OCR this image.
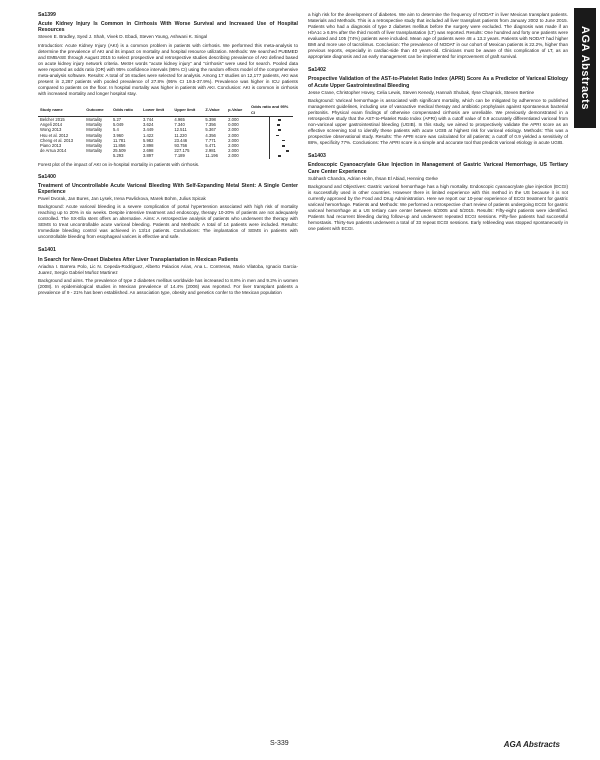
AGA Abstracts
Sa1399
Acute Kidney Injury Is Common in Cirrhosis With Worse Survival and Increased Use of Hospital Resources
Steven E. Bradley, Syed J. Shah, Vivek D. Ebadi, Steven Young, Ashwani K. Singal
Introduction: Acute Kidney Injury (AKI) is a common problem in patients with cirrhosis. We performed this meta-analysis to determine the prevalence of AKI and its impact on mortality and hospital resource utilization. Methods: We searched PUBMED and EMBASE through August 2015 to select prospective and retrospective studies describing prevalence of AKI defined based on acute kidney injury network criteria. MeSH words "acute kidney injury" and "cirrhosis" were used for search. Pooled data were reported as odds ratio (OR) with 95% confidence intervals (95% CI) using the random effects model of the comprehensive meta-analysis software. Results: A total of 16 studies were selected for analysis. Among 17 studies on 12,177 patients, AKI was present in 2,287 patients with pooled prevalence of 27.8% (95% CI 19.5-37.9%). Prevalence was higher in ICU patients compared to patients on the floor. In hospital mortality was higher in patients with AKI. Conclusion: AKI is common in cirrhosis with increased mortality and longer hospital stay.
Study name	Outcome	Odds ratio	Lower limit	Upper limit	Z-Value	p-Value	Odds ratio and 95% CI
Belcher 2015	Mortality	5.27	3.744	4.965	5.398	2.000	

Angeli 2014	Mortality	5.049	3.624	7.340	7.356	0.000	

Wong 2013	Mortality	5.4	3.449	12.511	5.367	2.000	

Hsu et al. 2012	Mortality	3.960	1.422	11.220	4.356	2.000	

Cheng et al. 2013	Mortality	11.781	5.982	23.446	7.771	2.000	

Piano 2013	Mortality	11.856	2.898	93.756	5.471	2.000	

de Arrua 2014	Mortality	25.509	2.698	227.175	2.981	2.000	

		5.293	3.897	7.189	11.196	2.000	
Forest plot of the impact of AKI on in-hospital mortality in patients with cirrhosis.
Sa1400
Treatment of Uncontrollable Acute Variceal Bleeding With Self-Expanding Metal Stent: A Single Center Experience
Pavel Dvorak, Jan Bures, Jan Lysek, Irena Pavlickova, Marek Bohm, Julius Spicak
Background: Acute variceal bleeding is a severe complication of portal hypertension associated with high risk of mortality reaching up to 20% in six weeks. Despite intensive treatment and endoscopy, therapy 10-20% of patients are not adequately controlled. The SX-Ella stent offers an alternative. Aims: A retrospective analysis of patients who underwent the therapy with SEMS to treat uncontrollable acute variceal bleeding. Patients and Methods: A total of 14 patients were included. Results: Immediate bleeding control was achieved in 13/14 patients. Conclusions: The implantation of SEMS in patients with uncontrollable bleeding from esophageal varices is effective and safe.
Sa1401
In Search for New-Onset Diabetes After Liver Transplantation in Mexican Patients
Ariadna I. Barrera Polo, Lic N. Cepeda-Rodriguez, Alberto Palacios Arias, Ana L. Contreras, Mario Vilatoba, Ignacio Garcia-Juarez, Sergio Gabriel Muñoz Martinez
Background and aims. The prevalence of type 2 diabetes mellitus worldwide has increased to 8.8% in men and 9.2% in women (2008). In epidemiological studies in Mexican prevalence of 14.4% (2006) was reported. For liver transplant patients a prevalence of 9 - 21% has been established. An association type, obesity and genetics confer to the Mexican population
a high risk for the development of diabetes. We aim to determine the frequency of NODAT in liver Mexican transplant patients. Materials and Methods. This is a retrospective study that included all liver transplant patients from January 2002 to June 2015. Patients who had a diagnosis of type 2 diabetes mellitus before the surgery were excluded. The diagnosis was made if an HbA1c ≥ 6.5% after the third month of liver transplantation (LT) was reported. Results: One hundred and forty one patients were evaluated and 105 (74%) patients were included. Mean age of patients were 48 ± 13.2 years. Patients with NODAT had higher BMI and more use of tacrolimus. Conclusion: The prevalence of NODAT in our cohort of Mexican patients is 22.2%, higher than previous reports, especially in cardiac-side than 40 years-old. Clinicians must be aware of this complication of LT, as an appropriate diagnosis and an early management can be implemented for improvement of graft survival.
Sa1402
Prospective Validation of the AST-to-Platelet Ratio Index (APRI) Score As a Predictor of Variceal Etiology of Acute Upper Gastrointestinal Bleeding
Jesse Crane, Christopher Hovey, Celia Lewis, Steven Kenedy, Hannah Shubak, Ilyse Chapnick, Steven Bertine
Background: Variceal hemorrhage is associated with significant mortality, which can be mitigated by adherence to published management guidelines, including use of vasoactive medical therapy and antibiotic prophylaxis against spontaneous bacterial peritonitis. Physical exam findings of otherwise compensated cirrhosis are unreliable. We previously demonstrated in a retrospective study that the AST-to-Platelet Ratio Index (APRI) with a cutoff value of 0.9 accurately differentiated variceal from non-variceal upper gastrointestinal bleeding (UGIB). In this study, we aimed to prospectively validate the APRI score as an effective screening tool to identify these patients with acute UGIB at highest risk for variceal etiology. Methods: This was a prospective observational study. Results: The APRI score was calculated for all patients; a cutoff of 0.9 yielded a sensitivity of 88%, specificity 77%. Conclusions: The APRI score is a simple and accurate tool that predicts variceal etiology in acute UGIB.
Sa1403
Endoscopic Cyanoacrylate Glue Injection in Management of Gastric Variceal Hemorrhage, US Tertiary Care Center Experience
Subhash Chandra, Adrian Holm, Ihsan El Abiad, Henning Gerke
Background and Objectives: Gastric variceal hemorrhage has a high mortality. Endoscopic cyanoacrylate glue injection (ECGI) is successfully used in other countries. However there is limited experience with this method in the US because it is not currently approved by the Food and Drug Administration. Here we report our 10-year experience of ECGI treatment for gastric variceal hemorrhage. Patients and Methods: We performed a retrospective chart review of patients undergoing ECGI for gastric variceal hemorrhage at a US tertiary care center between 6/2005 and 5/2015. Results: Fifty-eight patients were identified. Patients had recurrent bleeding during follow-up and underwent repeated ECGI sessions. Fifty-five patients had successful hemostasis. Thirty-two patients underwent a total of 33 repeat ECGI sessions. Early rebleeding was stopped spontaneously in one patient with ECGI.
S-339	AGA Abstracts
